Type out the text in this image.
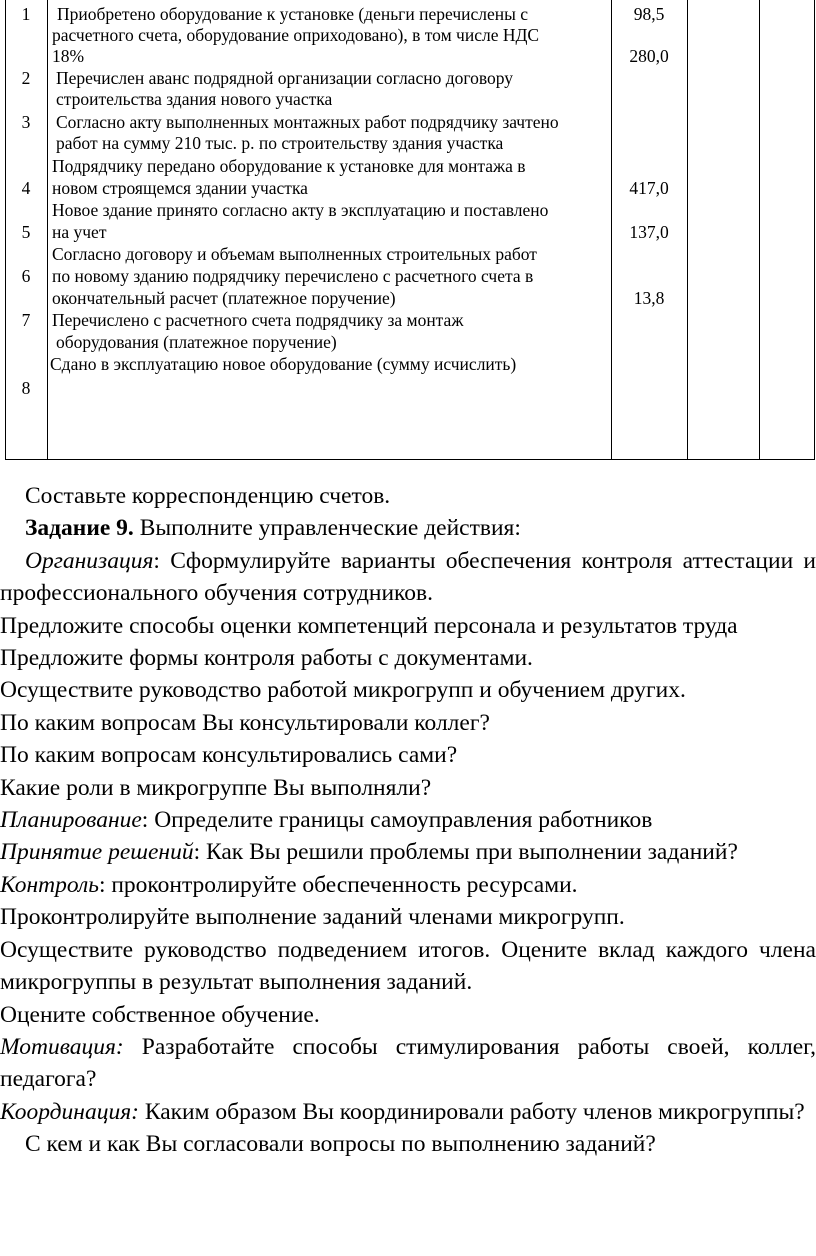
1
2
3
4
5
6
7
8
Приобретено оборудование к установке (деньги перечислены с
расчетного счета, оборудование оприходовано), в том числе НДС
18%
Перечислен аванс подрядной организации согласно договору
строительства здания нового участка
Согласно акту выполненных монтажных работ подрядчику зачтено
работ на сумму 210 тыс. р. по строительству здания участка
Подрядчику передано оборудование к установке для монтажа в
новом строящемся здании участка
Новое здание принято согласно акту в эксплуатацию и поставлено
на учет
Согласно договору и объемам выполненных строительных работ
по новому зданию подрядчику перечислено с расчетного счета в
окончательный расчет (платежное поручение)
Перечислено с расчетного счета подрядчику за монтаж
оборудования (платежное поручение)
Сдано в эксплуатацию новое оборудование (сумму исчислить)
98,5
280,0
417,0
137,0
13,8

Составьте корреспонденцию счетов.

Задание 9. Выполните управленческие действия:

Организация: Сформулируйте варианты обеспечения контроля аттестации и профессионального обучения сотрудников.

Предложите способы оценки компетенций персонала и результатов труда

Предложите формы контроля работы с документами.

Осуществите руководство работой микрогрупп и обучением других.

По каким вопросам Вы консультировали коллег?

По каким вопросам консультировались сами?

Какие роли в микрогруппе Вы выполняли?

Планирование: Определите границы самоуправления работников

Принятие решений: Как Вы решили проблемы при выполнении заданий?

Контроль: проконтролируйте обеспеченность ресурсами.

Проконтролируйте выполнение заданий членами микрогрупп.

Осуществите руководство подведением итогов. Оцените вклад каждого члена микрогруппы в результат выполнения заданий.

Оцените собственное обучение.

Мотивация: Разработайте способы стимулирования работы своей, коллег, педагога?

Координация: Каким образом Вы координировали работу членов микрогруппы?

С кем и как Вы согласовали вопросы по выполнению заданий?
